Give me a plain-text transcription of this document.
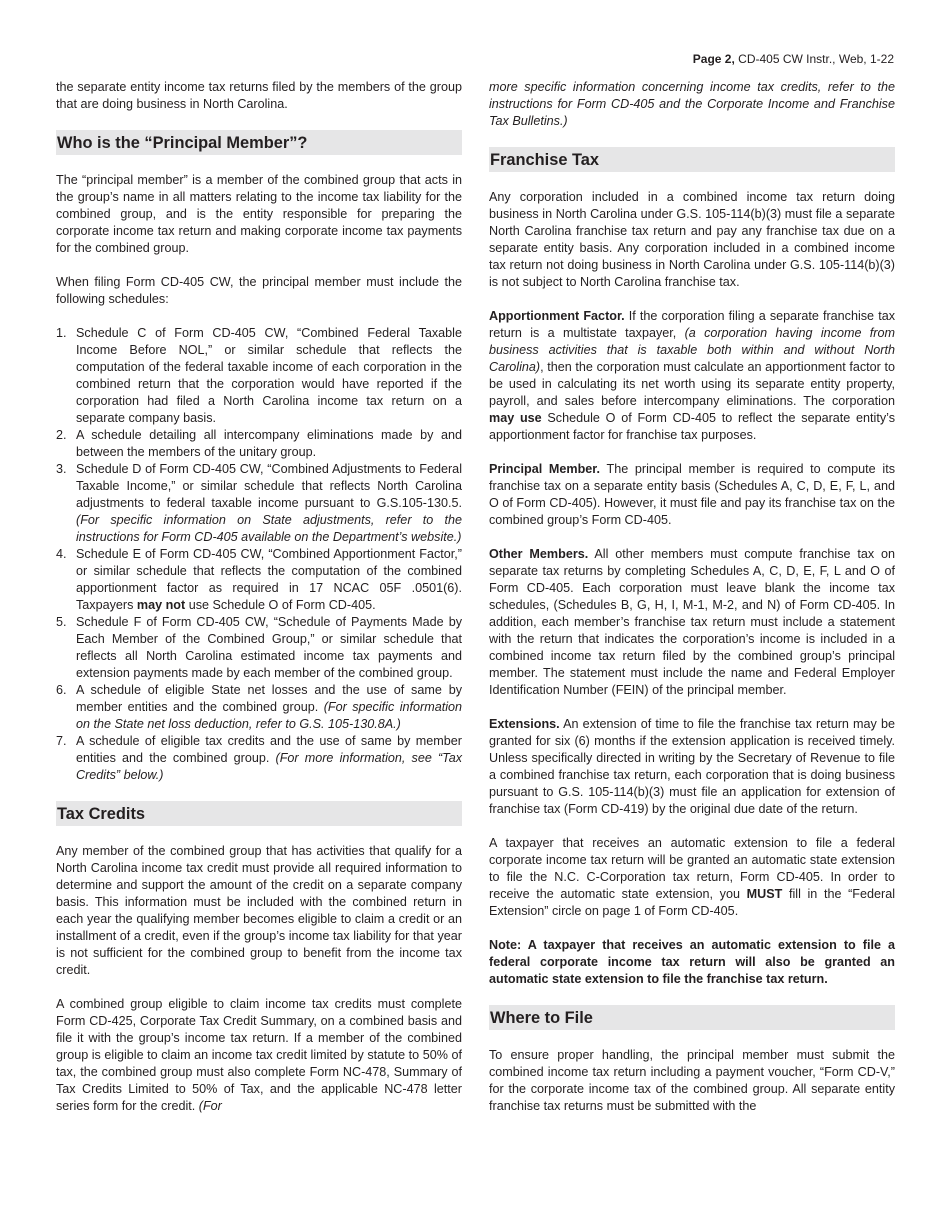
Page 2, CD-405 CW Instr., Web, 1-22

the separate entity income tax returns filed by the members of the group that are doing business in North Carolina.

Who is the “Principal Member”?

The “principal member” is a member of the combined group that acts in the group’s name in all matters relating to the income tax liability for the combined group, and is the entity responsible for preparing the corporate income tax return and making corporate income tax payments for the combined group.

When filing Form CD-405 CW, the principal member must include the following schedules:

1. Schedule C of Form CD-405 CW, “Combined Federal Taxable Income Before NOL,” or similar schedule that reflects the computation of the federal taxable income of each corporation in the combined return that the corporation would have reported if the corporation had filed a North Carolina income tax return on a separate company basis.
2. A schedule detailing all intercompany eliminations made by and between the members of the unitary group.
3. Schedule D of Form CD-405 CW, “Combined Adjustments to Federal Taxable Income,” or similar schedule that reflects North Carolina adjustments to federal taxable income pursuant to G.S.105-130.5. (For specific information on State adjustments, refer to the instructions for Form CD-405 available on the Department’s website.)
4. Schedule E of Form CD-405 CW, “Combined Apportionment Factor,” or similar schedule that reflects the computation of the combined apportionment factor as required in 17 NCAC 05F .0501(6). Taxpayers may not use Schedule O of Form CD-405.
5. Schedule F of Form CD-405 CW, “Schedule of Payments Made by Each Member of the Combined Group,” or similar schedule that reflects all North Carolina estimated income tax payments and extension payments made by each member of the combined group.
6. A schedule of eligible State net losses and the use of same by member entities and the combined group. (For specific information on the State net loss deduction, refer to G.S. 105-130.8A.)
7. A schedule of eligible tax credits and the use of same by member entities and the combined group. (For more information, see “Tax Credits” below.)
Tax Credits

Any member of the combined group that has activities that qualify for a North Carolina income tax credit must provide all required information to determine and support the amount of the credit on a separate company basis. This information must be included with the combined return in each year the qualifying member becomes eligible to claim a credit or an installment of a credit, even if the group’s income tax liability for that year is not sufficient for the combined group to benefit from the income tax credit.

A combined group eligible to claim income tax credits must complete Form CD-425, Corporate Tax Credit Summary, on a combined basis and file it with the group’s income tax return. If a member of the combined group is eligible to claim an income tax credit limited by statute to 50% of tax, the combined group must also complete Form NC-478, Summary of Tax Credits Limited to 50% of Tax, and the applicable NC-478 letter series form for the credit. (For

more specific information concerning income tax credits, refer to the instructions for Form CD-405 and the Corporate Income and Franchise Tax Bulletins.)

Franchise Tax

Any corporation included in a combined income tax return doing business in North Carolina under G.S. 105-114(b)(3) must file a separate North Carolina franchise tax return and pay any franchise tax due on a separate entity basis. Any corporation included in a combined income tax return not doing business in North Carolina under G.S. 105-114(b)(3) is not subject to North Carolina franchise tax.

Apportionment Factor. If the corporation filing a separate franchise tax return is a multistate taxpayer, (a corporation having income from business activities that is taxable both within and without North Carolina), then the corporation must calculate an apportionment factor to be used in calculating its net worth using its separate entity property, payroll, and sales before intercompany eliminations. The corporation may use Schedule O of Form CD-405 to reflect the separate entity’s apportionment factor for franchise tax purposes.

Principal Member. The principal member is required to compute its franchise tax on a separate entity basis (Schedules A, C, D, E, F, L, and O of Form CD-405). However, it must file and pay its franchise tax on the combined group’s Form CD-405.

Other Members. All other members must compute franchise tax on separate tax returns by completing Schedules A, C, D, E, F, L and O of Form CD-405. Each corporation must leave blank the income tax schedules, (Schedules B, G, H, I, M-1, M-2, and N) of Form CD-405. In addition, each member’s franchise tax return must include a statement with the return that indicates the corporation’s income is included in a combined income tax return filed by the combined group’s principal member. The statement must include the name and Federal Employer Identification Number (FEIN) of the principal member.

Extensions. An extension of time to file the franchise tax return may be granted for six (6) months if the extension application is received timely. Unless specifically directed in writing by the Secretary of Revenue to file a combined franchise tax return, each corporation that is doing business pursuant to G.S. 105-114(b)(3) must file an application for extension of franchise tax (Form CD-419) by the original due date of the return.

A taxpayer that receives an automatic extension to file a federal corporate income tax return will be granted an automatic state extension to file the N.C. C-Corporation tax return, Form CD-405. In order to receive the automatic state extension, you MUST fill in the “Federal Extension” circle on page 1 of Form CD-405.

Note: A taxpayer that receives an automatic extension to file a federal corporate income tax return will also be granted an automatic state extension to file the franchise tax return.

Where to File

To ensure proper handling, the principal member must submit the combined income tax return including a payment voucher, “Form CD-V,” for the corporate income tax of the combined group. All separate entity franchise tax returns must be submitted with the
